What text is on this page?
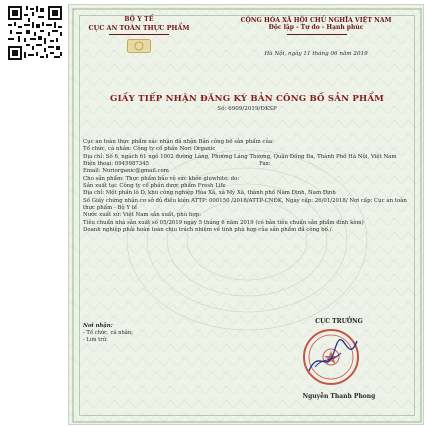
BỘ Y TẾ
CỤC AN TOÀN THỰC PHẨM
CỘNG HÒA XÃ HỘI CHỦ NGHĨA VIỆT NAM
Độc lập - Tự do - Hạnh phúc
Hà Nội, ngày 11 tháng 06 năm 2019
GIẤY TIẾP NHẬN ĐĂNG KÝ BẢN CÔNG BỐ SẢN PHẨM
Số: 6909/2019/ĐKSP

Cục an toàn thực phẩm xác nhận đã nhận Bản công bố sản phẩm của:

Tổ chức, cá nhân: Công ty cổ phần Nori Organic

Địa chỉ: Số 6, ngách 61 ngõ 1002 đường Láng, Phường Láng Thượng, Quận Đống Đa, Thành Phố Hà Nội, Việt Nam

Điện thoại: 0945987345	Fax:

Email: Noriorganic@gmail.com

Cho sản phẩm: Thực phẩm bảo vệ sức khỏe gluwhite; do:

Sản xuất tại: Công ty cổ phần dược phẩm Fresh Life

Địa chỉ: Một phần lô D, khu công nghiệp Hòa Xá, xã Mỹ Xá, thành phố Nam Định, Nam Định

Số Giấy chứng nhận cơ sở đủ điều kiện ATTP: 000150 /2018/ATTP-CNĐK, Ngày cấp: 26/01/2018/ Nơi cấp: Cục an toàn thực phẩm - Bộ Y tế

Nước xuất xứ: Việt Nam sản xuất, phù hợp:

Tiêu chuẩn nhà sản xuất số 05/2019 ngày 5 tháng 6 năm 2019 (có bản tiêu chuẩn sản phẩm đính kèm)

Doanh nghiệp phải hoàn toàn chịu trách nhiệm về tính phù hợp của sản phẩm đã công bố./.

Nơi nhận:
- Tổ chức, cá nhân;
- Lưu trữ.
CỤC TRƯỞNG
Nguyễn Thanh Phong
